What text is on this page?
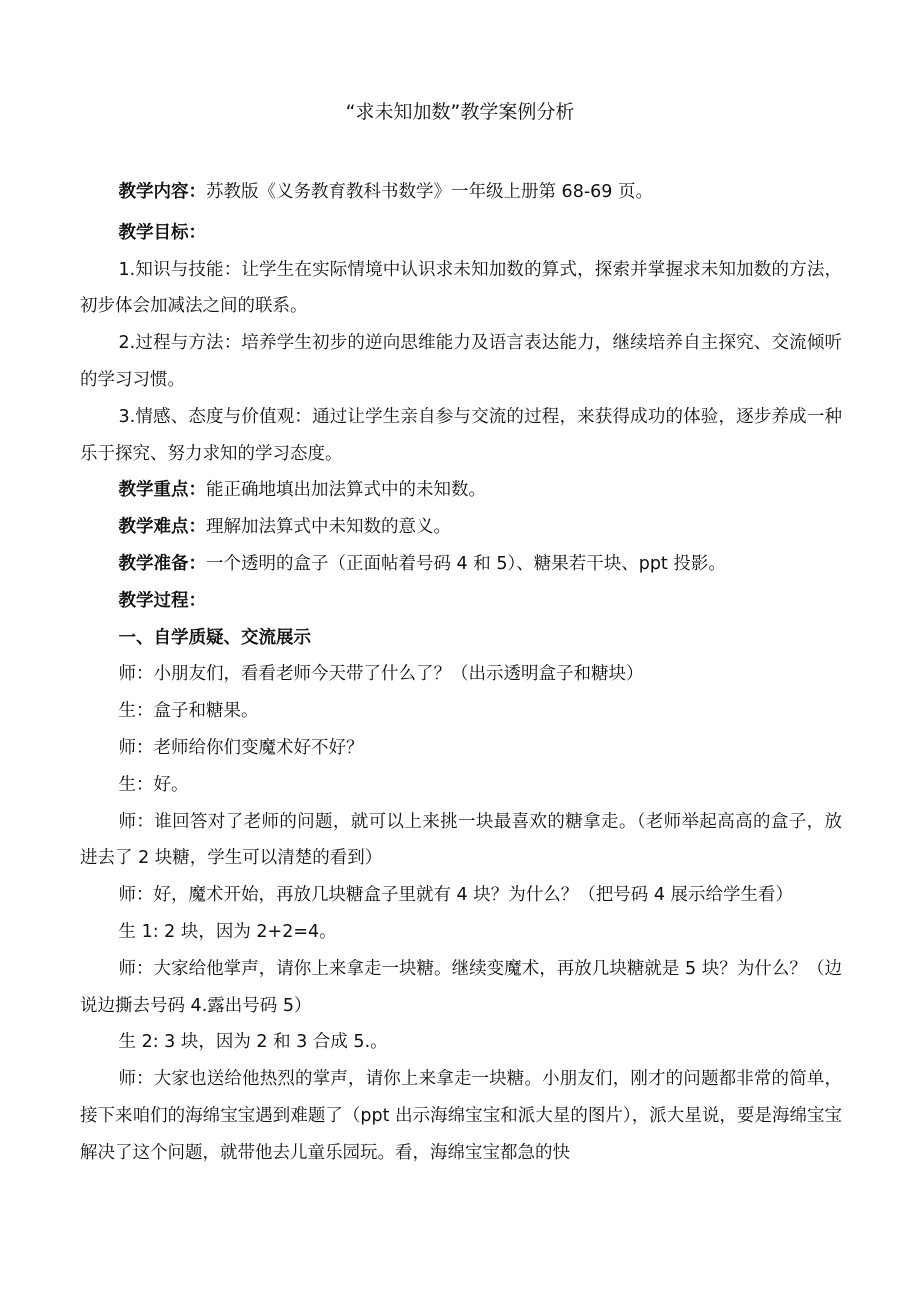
“求未知加数”教学案例分析

教学内容：苏教版《义务教育教科书数学》一年级上册第 68-69 页。

教学目标：

1.知识与技能：让学生在实际情境中认识求未知加数的算式，探索并掌握求未知加数的方法，初步体会加减法之间的联系。

2.过程与方法：培养学生初步的逆向思维能力及语言表达能力，继续培养自主探究、交流倾听的学习习惯。

3.情感、态度与价值观：通过让学生亲自参与交流的过程，来获得成功的体验，逐步养成一种乐于探究、努力求知的学习态度。

教学重点：能正确地填出加法算式中的未知数。

教学难点：理解加法算式中未知数的意义。

教学准备：一个透明的盒子（正面帖着号码 4 和 5）、糖果若干块、ppt 投影。

教学过程：

一、自学质疑、交流展示

师：小朋友们，看看老师今天带了什么了？（出示透明盒子和糖块）

生：盒子和糖果。

师：老师给你们变魔术好不好？

生：好。

师：谁回答对了老师的问题，就可以上来挑一块最喜欢的糖拿走。（老师举起高高的盒子，放进去了 2 块糖，学生可以清楚的看到）

师：好，魔术开始，再放几块糖盒子里就有 4 块？为什么？（把号码 4 展示给学生看）

生 1: 2 块，因为 2+2=4。

师：大家给他掌声，请你上来拿走一块糖。继续变魔术，再放几块糖就是 5 块？为什么？（边说边撕去号码 4.露出号码 5）

生 2: 3 块，因为 2 和 3 合成 5.。

师：大家也送给他热烈的掌声，请你上来拿走一块糖。小朋友们，刚才的问题都非常的简单，接下来咱们的海绵宝宝遇到难题了（ppt 出示海绵宝宝和派大星的图片），派大星说，要是海绵宝宝解决了这个问题，就带他去儿童乐园玩。看，海绵宝宝都急的快
